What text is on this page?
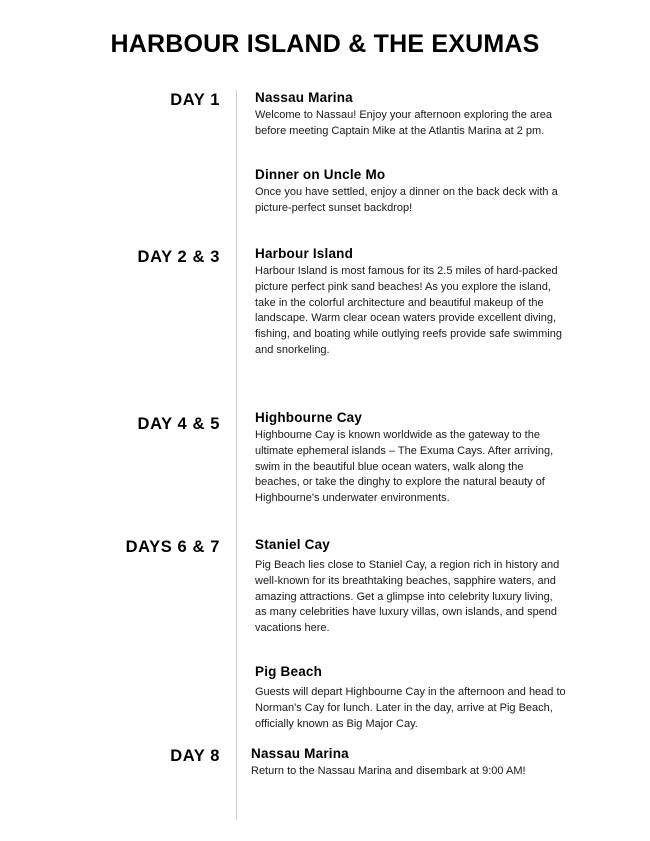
HARBOUR ISLAND & THE EXUMAS
DAY 1
DAY 2 & 3
DAY 4 & 5
DAYS 6 & 7
DAY 8
Nassau Marina

Welcome to Nassau! Enjoy your afternoon exploring the area before meeting Captain Mike at the Atlantis Marina at 2 pm.

Dinner on Uncle Mo

Once you have settled, enjoy a dinner on the back deck with a picture-perfect sunset backdrop!

Harbour Island

Harbour Island is most famous for its 2.5 miles of hard-packed picture perfect pink sand beaches! As you explore the island, take in the colorful architecture and beautiful makeup of the landscape. Warm clear ocean waters provide excellent diving, fishing, and boating while outlying reefs provide safe swimming and snorkeling.

Highbourne Cay

Highbourne Cay is known worldwide as the gateway to the ultimate ephemeral islands – The Exuma Cays. After arriving, swim in the beautiful blue ocean waters, walk along the beaches, or take the dinghy to explore the natural beauty of Highbourne's underwater environments.

Staniel Cay

Pig Beach lies close to Staniel Cay, a region rich in history and well-known for its breathtaking beaches, sapphire waters, and amazing attractions. Get a glimpse into celebrity luxury living, as many celebrities have luxury villas, own islands, and spend vacations here.

Pig Beach

Guests will depart Highbourne Cay in the afternoon and head to Norman's Cay for lunch. Later in the day, arrive at Pig Beach, officially known as Big Major Cay.

Nassau Marina

Return to the Nassau Marina and disembark at 9:00 AM!
